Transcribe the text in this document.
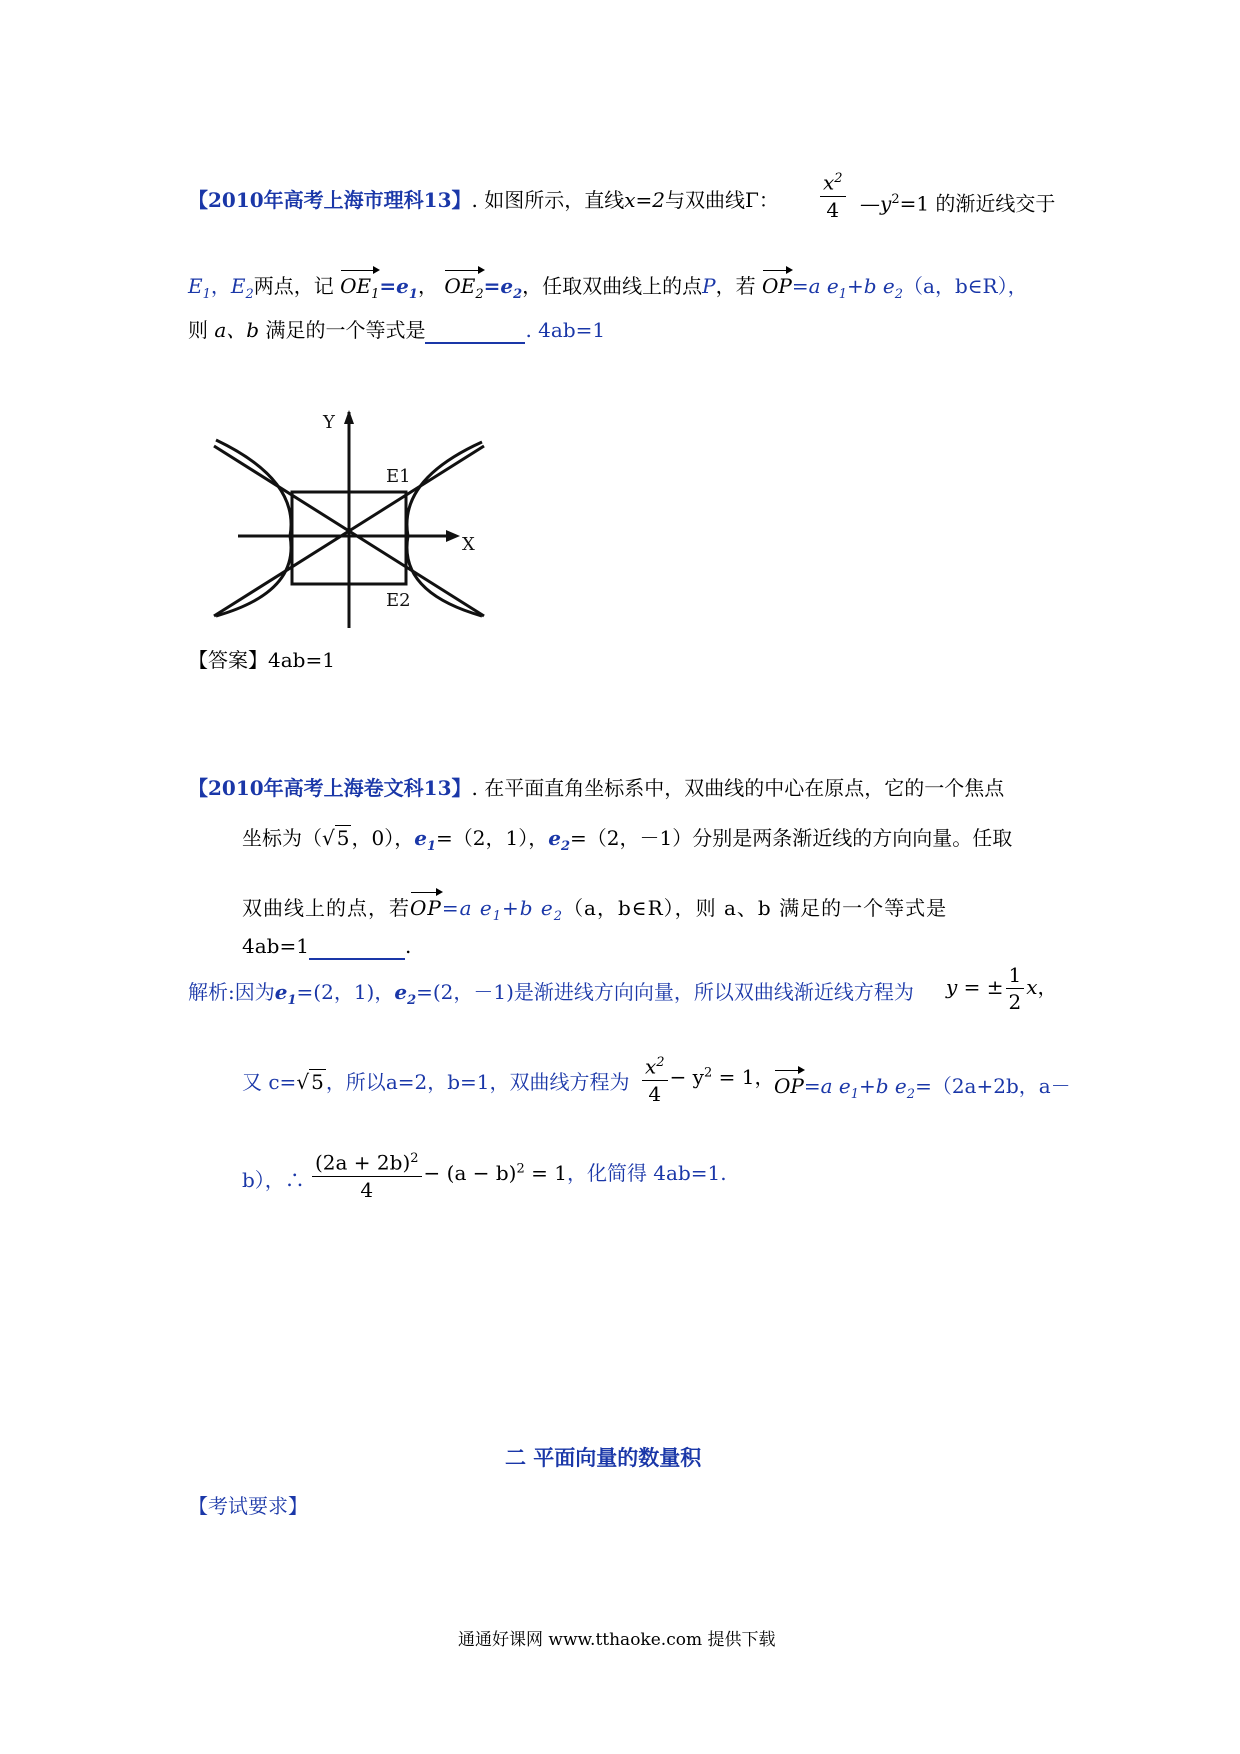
【2010年高考上海市理科13】. 如图所示，直线x=2与双曲线Γ： $\frac{x^2}{4}$ $—y^2=1$ 的渐近线交于
$E_1$，$E_2$两点，记 $OE_1=e_1$， $OE_2=e_2$，任取双曲线上的点P，若 OP=a $e_1+b$ $e_2(a$，b∈R），
则 a、b 满足的一个等式是	. 4ab=1
Y
X
E1
E2
【答案】4ab=1
【2010年高考上海卷文科13】. 在平面直角坐标系中，双曲线的中心在原点，它的一个焦点
坐标为（√ 5 ，0），$e_1=(2$，1），$e_2=(2$，－1）分别是两条渐近线的方向向量。任取
双曲线上的点，若OP=a $e_1+b$ $e_2(a$，b∈R），则 a、b 满足的一个等式是
4ab=1	.
解析:因为$e_1=(2$，1)，$e_2=(2$，－1)是渐进线方向向量，所以双曲线渐近线方程为 y = ± $\frac{1}{2}$ x，
又 c=√ 5 ，所以a=2，b=1，双曲线方程为 $\frac{x^2}{4} - y^2 = 1$， OP=a $e_1+b$ $e_2=(2a+2b$，a－
b），∴ $\frac{(2a + 2b)^2}{4} - (a - b)^2 = 1$，化简得 4ab=1.
二 平面向量的数量积
【考试要求】
通通好课网 www.tthaoke.com 提供下载
